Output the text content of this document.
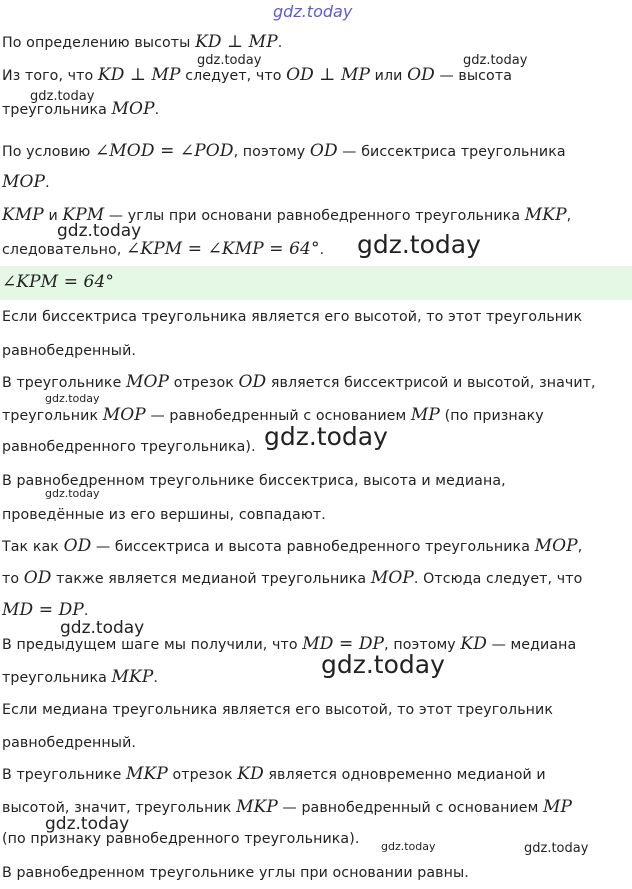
gdz.today
По определению высоты KD ⊥ MP.
Из того, что KD ⊥ MP следует, что OD ⊥ MP или OD — высота
треугольника MOP.
По условию ∠MOD = ∠POD, поэтому OD — биссектриса треугольника
MOP.
KMP и KPM — углы при основани равнобедренного треугольника MKP,
следовательно, ∠KPM = ∠KMP = 64°.
∠KPM = 64°
Если биссектриса треугольника является его высотой, то этот треугольник
равнобедренный.
В треугольнике MOP отрезок OD является биссектрисой и высотой, значит,
треугольник MOP — равнобедренный с основанием MP (по признаку
равнобедренного треугольника).
В равнобедренном треугольнике биссектриса, высота и медиана,
проведённые из его вершины, совпадают.
Так как OD — биссектриса и высота равнобедренного треугольника MOP,
то OD также является медианой треугольника MOP. Отсюда следует, что
MD = DP.
В предыдущем шаге мы получили, что MD = DP, поэтому KD — медиана
треугольника MKP.
Если медиана треугольника является его высотой, то этот треугольник
равнобедренный.
В треугольнике MKP отрезок KD является одновременно медианой и
высотой, значит, треугольник MKP — равнобедренный с основанием MP
(по признаку равнобедренного треугольника).
В равнобедренном треугольнике углы при основании равны.
gdz.today	gdz.today
gdz.today
gdz.today	gdz.today
gdz.today
gdz.today
gdz.today
gdz.today
gdz.today
gdz.today
gdz.today	gdz.today
